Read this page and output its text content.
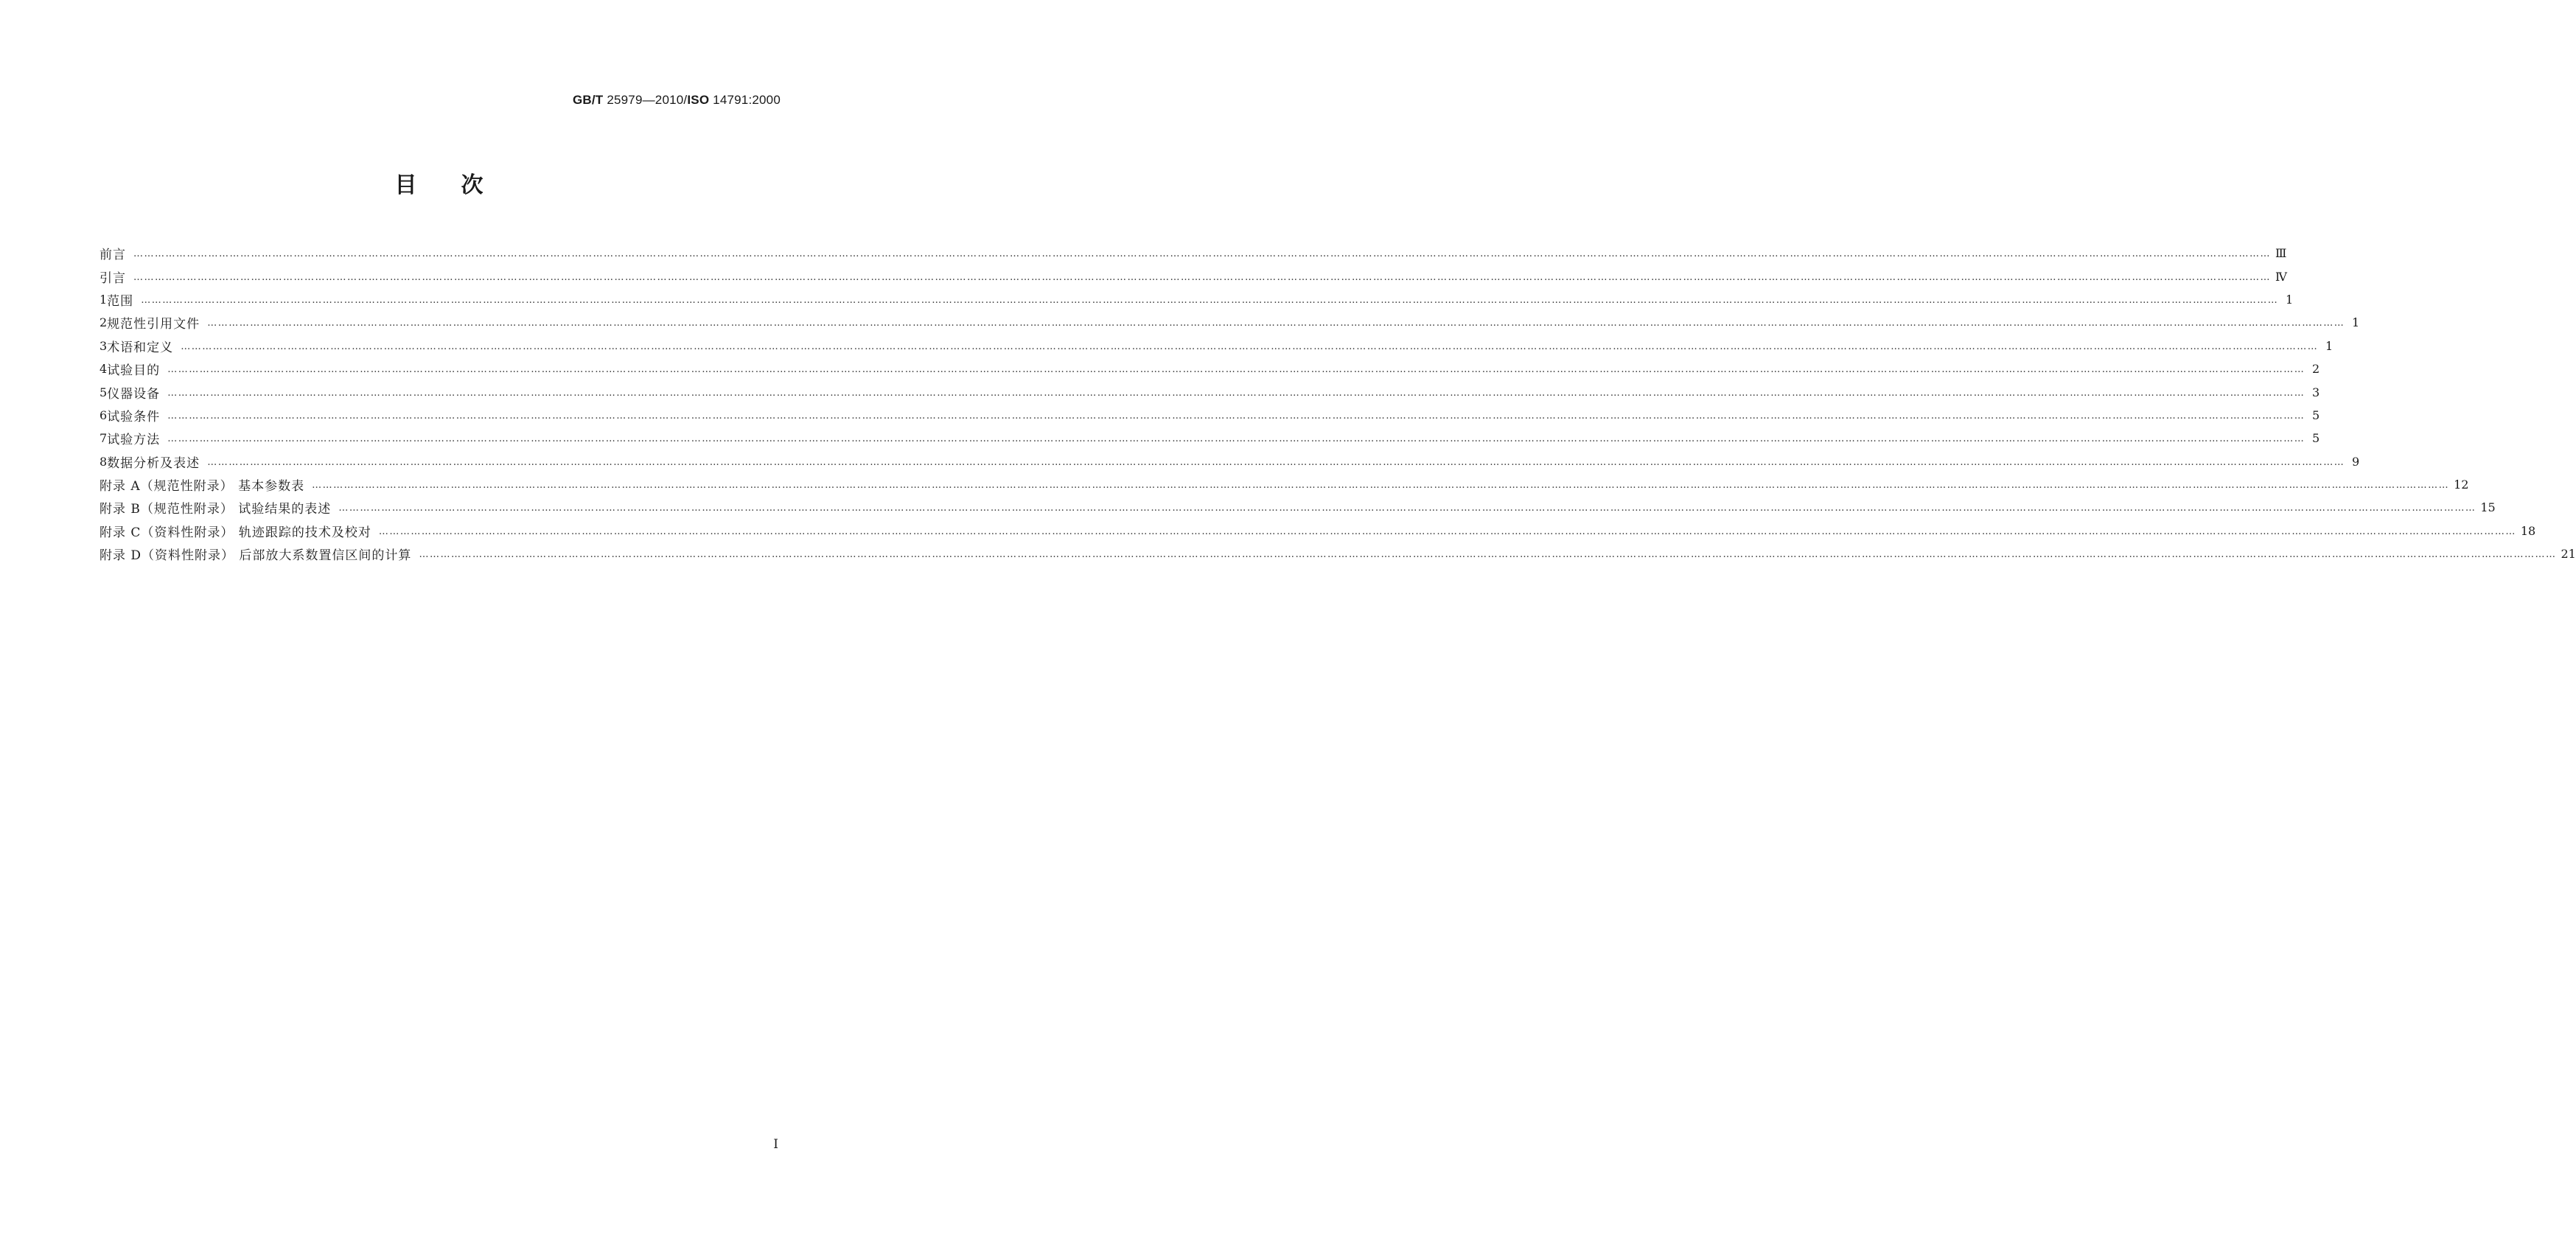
GB/T 25979—2010/ISO 14791:2000
目次
前言 …………………………………………………………………………………………………………………………………………………………………………………………………………………………………………………………………………………………………………………………………………………………………………………………………………………………………………………………………………………………………………………………………………………… Ⅲ
引言 …………………………………………………………………………………………………………………………………………………………………………………………………………………………………………………………………………………………………………………………………………………………………………………………………………………………………………………………………………………………………………………………………………………… Ⅳ
1 范围 …………………………………………………………………………………………………………………………………………………………………………………………………………………………………………………………………………………………………………………………………………………………………………………………………………………………………………………………………………………………………………………………………………………… 1
2 规范性引用文件 …………………………………………………………………………………………………………………………………………………………………………………………………………………………………………………………………………………………………………………………………………………………………………………………………………………………………………………………………………………………………………………………………………………… 1
3 术语和定义 …………………………………………………………………………………………………………………………………………………………………………………………………………………………………………………………………………………………………………………………………………………………………………………………………………………………………………………………………………………………………………………………………………………… 1
4 试验目的 …………………………………………………………………………………………………………………………………………………………………………………………………………………………………………………………………………………………………………………………………………………………………………………………………………………………………………………………………………………………………………………………………………………… 2
5 仪器设备 …………………………………………………………………………………………………………………………………………………………………………………………………………………………………………………………………………………………………………………………………………………………………………………………………………………………………………………………………………………………………………………………………………………… 3
6 试验条件 …………………………………………………………………………………………………………………………………………………………………………………………………………………………………………………………………………………………………………………………………………………………………………………………………………………………………………………………………………………………………………………………………………………… 5
7 试验方法 …………………………………………………………………………………………………………………………………………………………………………………………………………………………………………………………………………………………………………………………………………………………………………………………………………………………………………………………………………………………………………………………………………………… 5
8 数据分析及表述 …………………………………………………………………………………………………………………………………………………………………………………………………………………………………………………………………………………………………………………………………………………………………………………………………………………………………………………………………………………………………………………………………………………… 9
附录 A（规范性附录） 基本参数表 …………………………………………………………………………………………………………………………………………………………………………………………………………………………………………………………………………………………………………………………………………………………………………………………………………………………………………………………………………………………………………………………………………………… 12
附录 B（规范性附录） 试验结果的表述 …………………………………………………………………………………………………………………………………………………………………………………………………………………………………………………………………………………………………………………………………………………………………………………………………………………………………………………………………………………………………………………………………………………… 15
附录 C（资料性附录） 轨迹跟踪的技术及校对 …………………………………………………………………………………………………………………………………………………………………………………………………………………………………………………………………………………………………………………………………………………………………………………………………………………………………………………………………………………………………………………………………………………… 18
附录 D（资料性附录） 后部放大系数置信区间的计算 …………………………………………………………………………………………………………………………………………………………………………………………………………………………………………………………………………………………………………………………………………………………………………………………………………………………………………………………………………………………………………………………………………………… 21
Ⅰ
